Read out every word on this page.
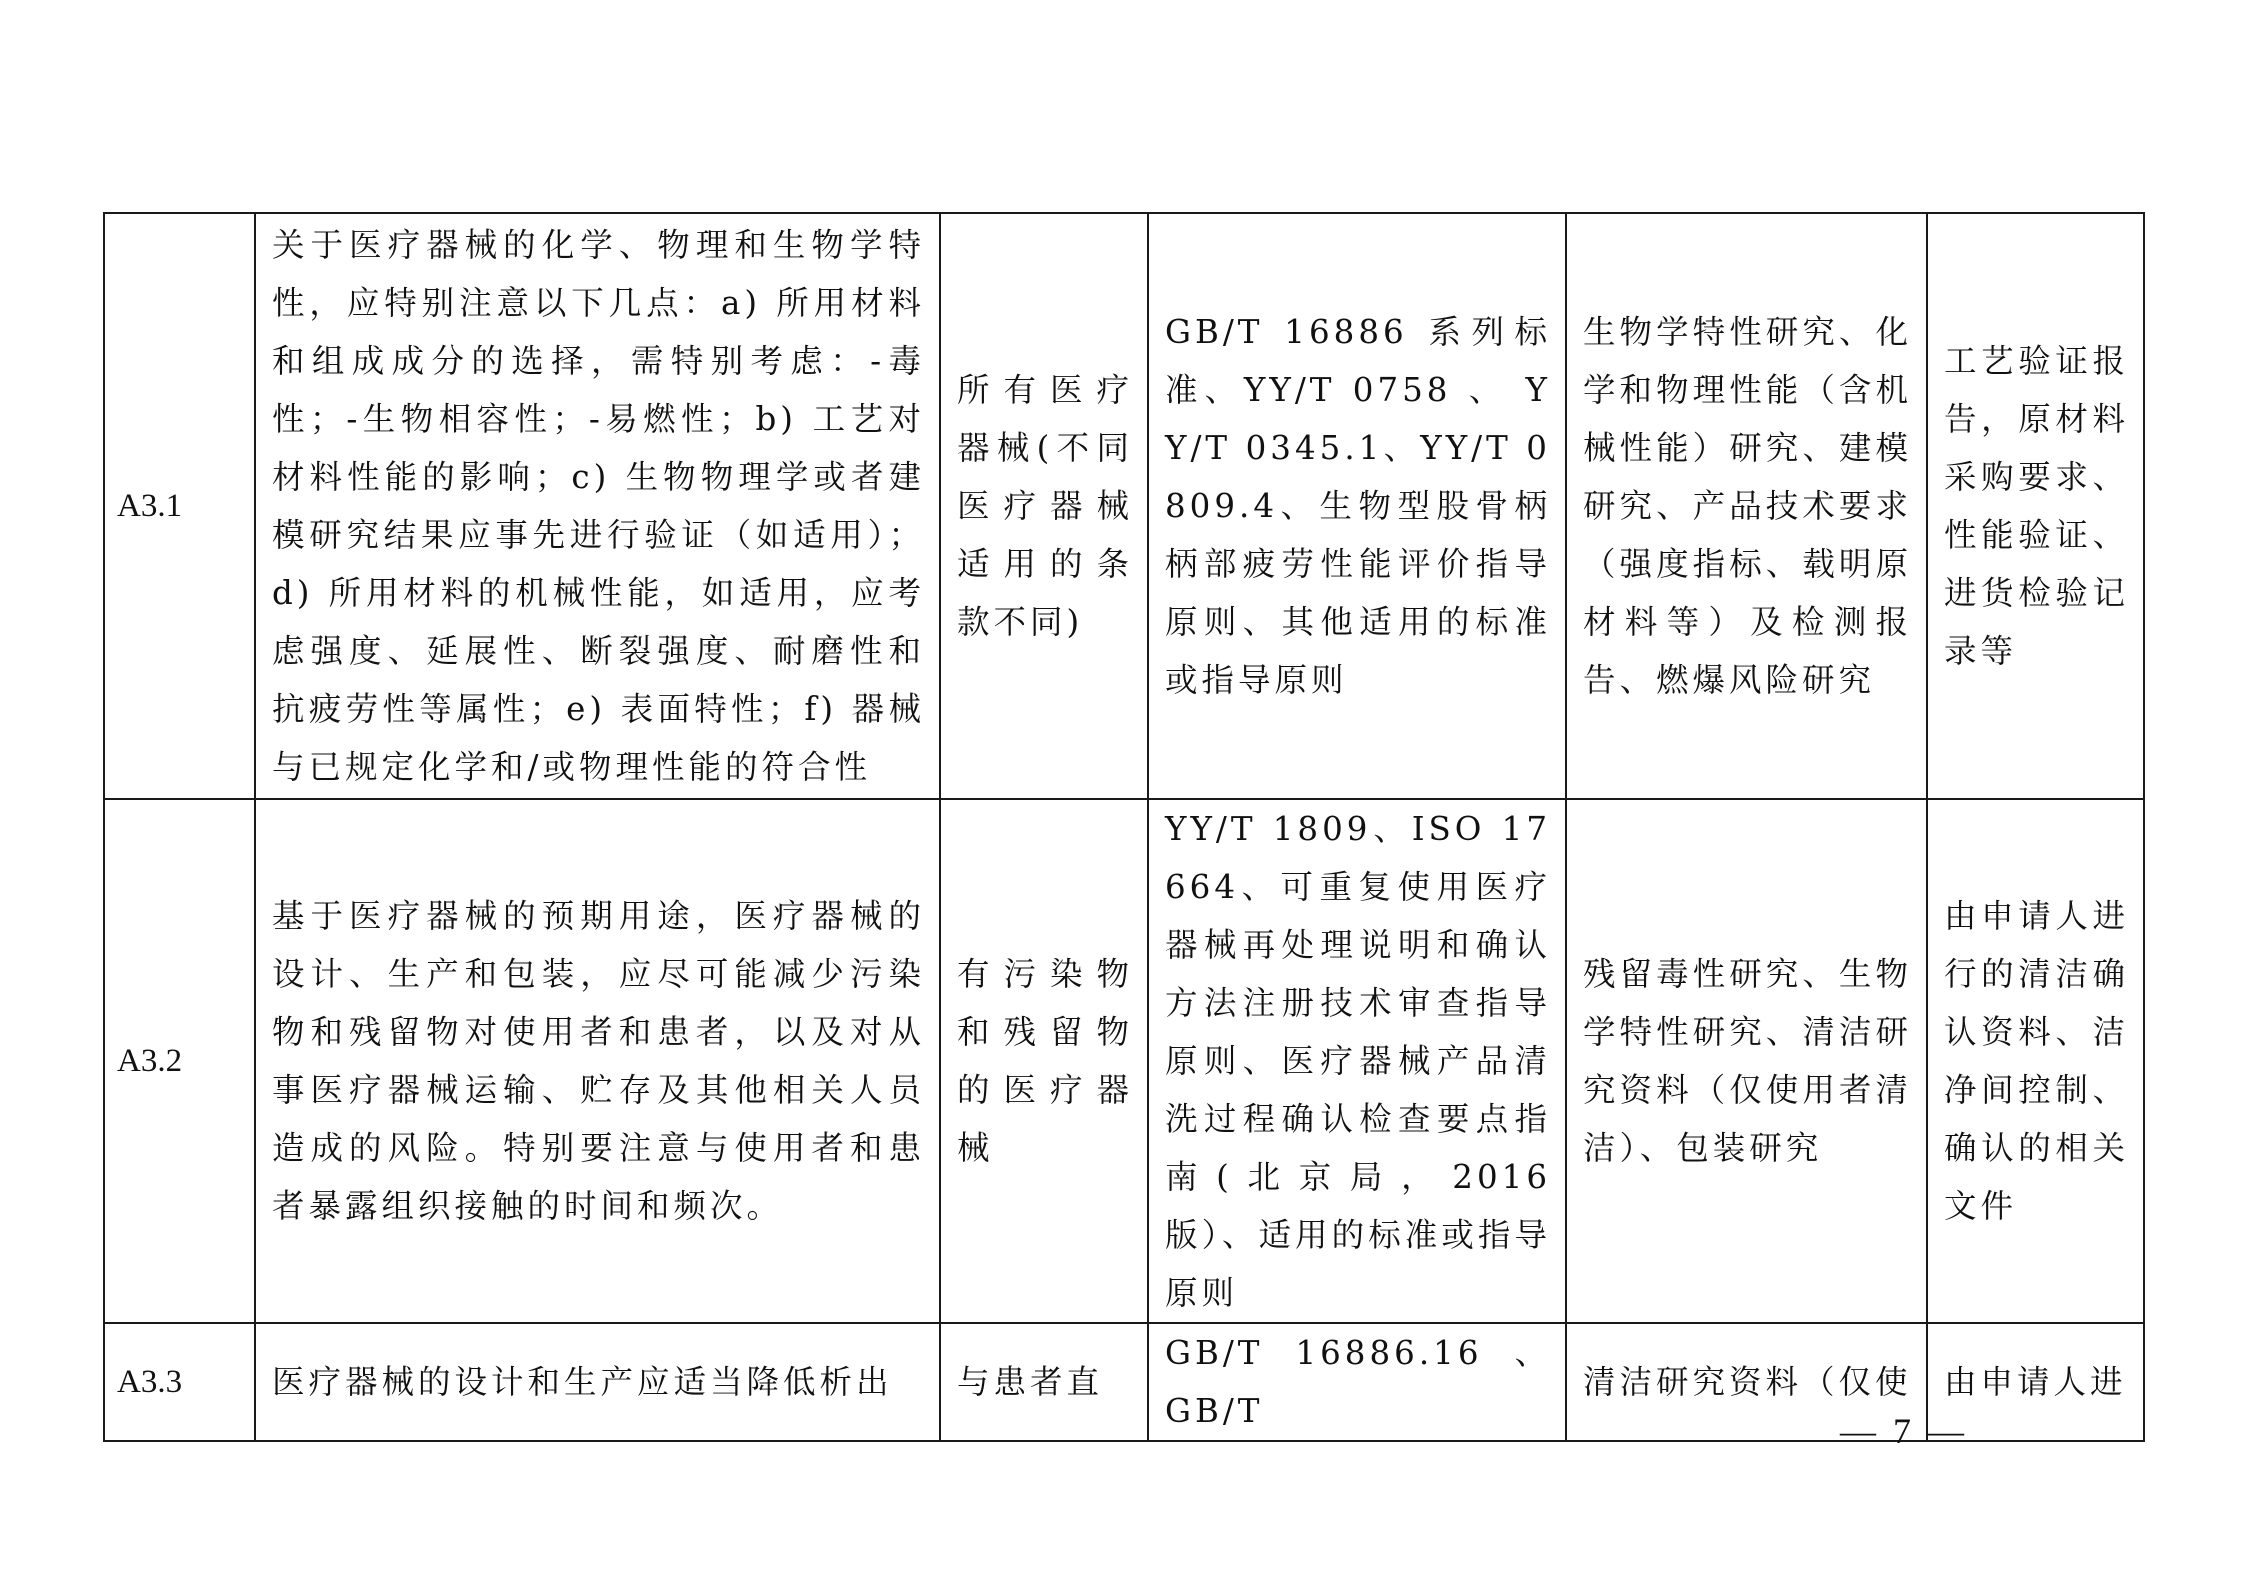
A3.1	关于医疗器械的化学、物理和生物学特性，应特别注意以下几点：a) 所用材料和组成成分的选择，需特别考虑：-毒性；-生物相容性；-易燃性；b) 工艺对材料性能的影响；c) 生物物理学或者建模研究结果应事先进行验证（如适用）；d) 所用材料的机械性能，如适用，应考虑强度、延展性、断裂强度、耐磨性和抗疲劳性等属性；e) 表面特性；f) 器械与已规定化学和/或物理性能的符合性	所有医疗器械(不同医疗器械适用的条款不同)	GB/T 16886 系列标准、YY/T 0758 、 YY/T 0345.1、YY/T 0809.4、生物型股骨柄柄部疲劳性能评价指导原则、其他适用的标准或指导原则	生物学特性研究、化学和物理性能（含机械性能）研究、建模研究、产品技术要求（强度指标、载明原材料等）及检测报告、燃爆风险研究	工艺验证报告，原材料采购要求、性能验证、进货检验记录等
A3.2	基于医疗器械的预期用途，医疗器械的设计、生产和包装，应尽可能减少污染物和残留物对使用者和患者，以及对从事医疗器械运输、贮存及其他相关人员造成的风险。特别要注意与使用者和患者暴露组织接触的时间和频次。	有污染物和残留物的医疗器械	YY/T 1809、ISO 17664、可重复使用医疗器械再处理说明和确认方法注册技术审查指导原则、医疗器械产品清洗过程确认检查要点指南(北京局，2016 版）、适用的标准或指导原则	残留毒性研究、生物学特性研究、清洁研究资料（仅使用者清洁）、包装研究	由申请人进行的清洁确认资料、洁净间控制、确认的相关文件
A3.3	医疗器械的设计和生产应适当降低析出	与患者直	GB/T 16886.16 、 GB/T	清洁研究资料（仅使	由申请人进
— 7 —
